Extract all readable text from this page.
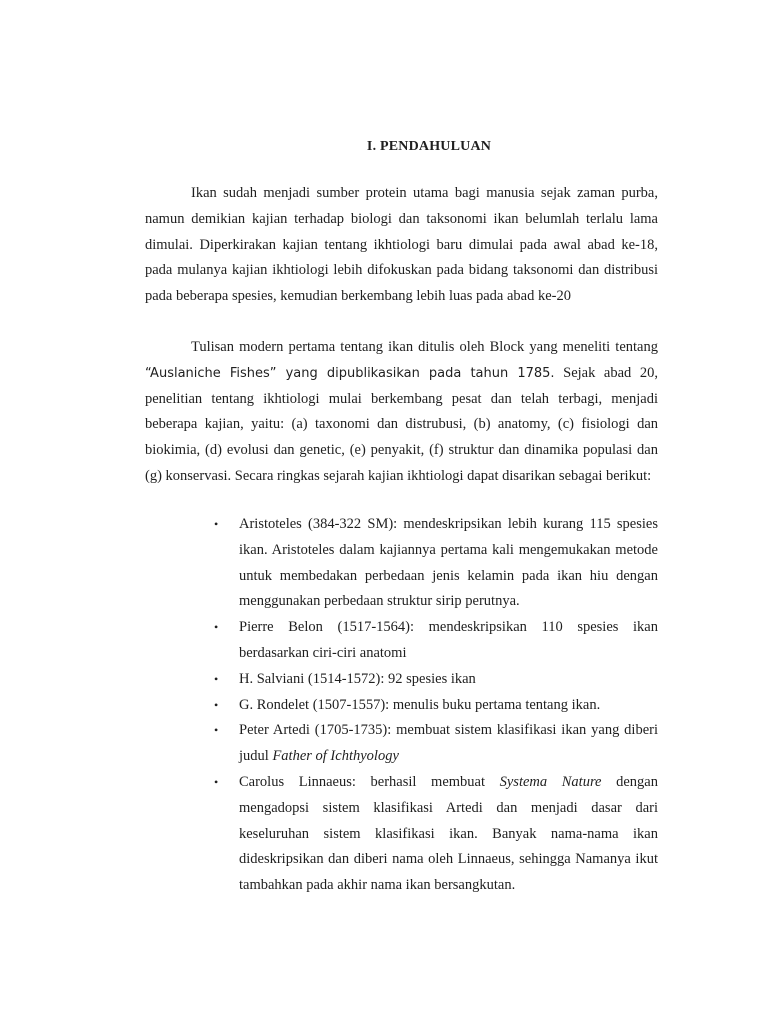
I. PENDAHULUAN
Ikan sudah menjadi sumber protein utama bagi manusia sejak zaman purba, namun demikian kajian terhadap biologi dan taksonomi ikan belumlah terlalu lama dimulai. Diperkirakan kajian tentang ikhtiologi baru dimulai pada awal abad ke-18, pada mulanya kajian ikhtiologi lebih difokuskan pada bidang taksonomi dan distribusi pada beberapa spesies, kemudian berkembang lebih luas pada abad ke-20
Tulisan modern pertama tentang ikan ditulis oleh Block yang meneliti tentang “Auslaniche Fishes” yang dipublikasikan pada tahun 1785. Sejak abad 20, penelitian tentang ikhtiologi mulai berkembang pesat dan telah terbagi, menjadi beberapa kajian, yaitu: (a) taxonomi dan distrubusi, (b) anatomy, (c) fisiologi dan biokimia, (d) evolusi dan genetic, (e) penyakit, (f) struktur dan dinamika populasi dan (g) konservasi. Secara ringkas sejarah kajian ikhtiologi dapat disarikan sebagai berikut:
• Aristoteles (384-322 SM): mendeskripsikan lebih kurang 115 spesies ikan. Aristoteles dalam kajiannya pertama kali mengemukakan metode untuk membedakan perbedaan jenis kelamin pada ikan hiu dengan menggunakan perbedaan struktur sirip perutnya.
• Pierre Belon (1517-1564): mendeskripsikan 110 spesies ikan berdasarkan ciri-ciri anatomi
• H. Salviani (1514-1572): 92 spesies ikan
• G. Rondelet (1507-1557): menulis buku pertama tentang ikan.
• Peter Artedi (1705-1735): membuat sistem klasifikasi ikan yang diberi judul Father of Ichthyology
• Carolus Linnaeus: berhasil membuat Systema Nature dengan mengadopsi sistem klasifikasi Artedi dan menjadi dasar dari keseluruhan sistem klasifikasi ikan. Banyak nama-nama ikan dideskripsikan dan diberi nama oleh Linnaeus, sehingga Namanya ikut tambahkan pada akhir nama ikan bersangkutan.
